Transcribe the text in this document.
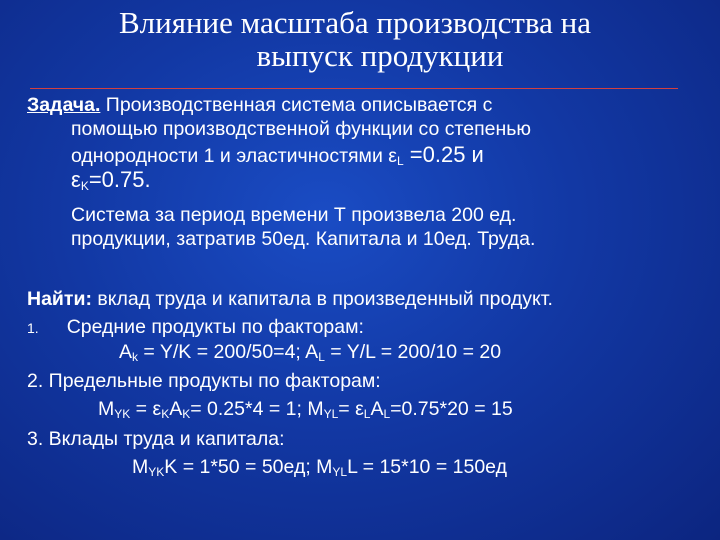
Влияние масштаба производства на
выпуск продукции
Задача. Производственная система описывается с
помощью производственной функции со степенью
однородности 1 и эластичностями $\varepsilon_L =0.25$ и
$\varepsilon_K=0.75$.
Система за период времени Т произвела 200 ед.
продукции, затратив 50ед. Капитала и 10ед. Труда.
Найти: вклад труда и капитала в произведенный продукт.
1. Средние продукты по факторам:
$A_k = Y/K = 200/50=4$; $A_L = Y/L = 200/10 = 20$
2. Предельные продукты по факторам:
$M_{YK} = \varepsilon_KA_K= 0.25*4 = 1$; $M_{YL}= \varepsilon_LA_L=0.75*20 = 15$
3. Вклады труда и капитала:
$M_{YK}K = 1*50 = 50ед$; $M_{YL}L = 15*10 = 150ед$
